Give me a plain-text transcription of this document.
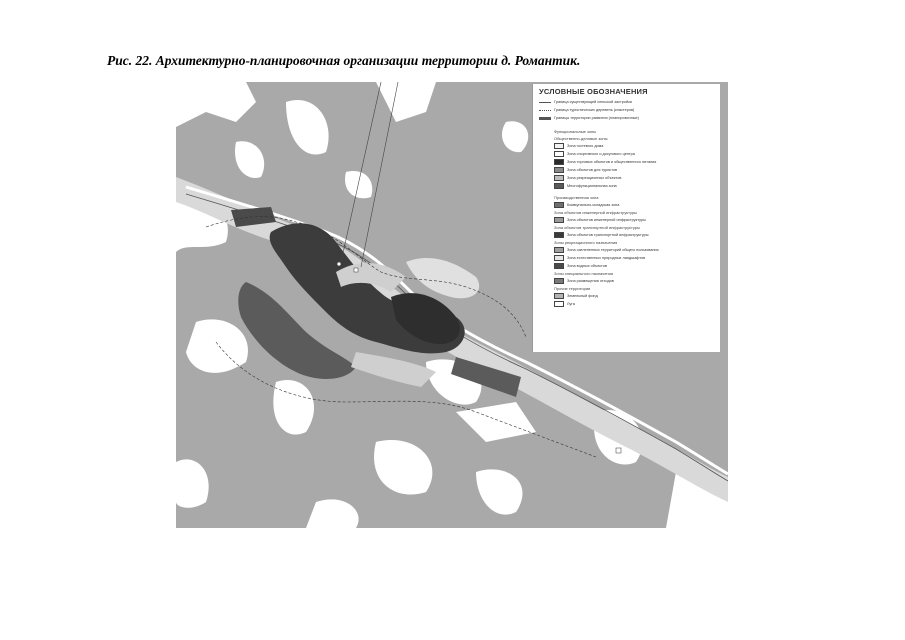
Рис. 22. Архитектурно-планировочная организации территории д. Романтик.
УСЛОВНЫЕ ОБОЗНАЧЕНИЯ
Граница существующей сельской застройки
Граница туристических деревень (кластеров)
Границы территории развития (планировочные)
Функциональные зоны
Общественно-деловые зоны
Зона гостевого дома
Зона спортивного и досугового центра
Зона торговых объектов и общественного питания
Зона объектов для туристов
Зона рекреационных объектов
Многофункциональная зона
Производственная зона
Коммунально-складская зона
Зона объектов инженерной инфраструктуры
Зона объектов инженерной инфраструктуры
Зона объектов транспортной инфраструктуры
Зона объектов транспортной инфраструктуры
Зоны рекреационного назначения
Зона озелененных территорий общего пользования
Зона естественных природных ландшафтов
Зона водных объектов
Зоны специального назначения
Зона размещения отходов
Прочие территории
Земельный фонд
Луга
